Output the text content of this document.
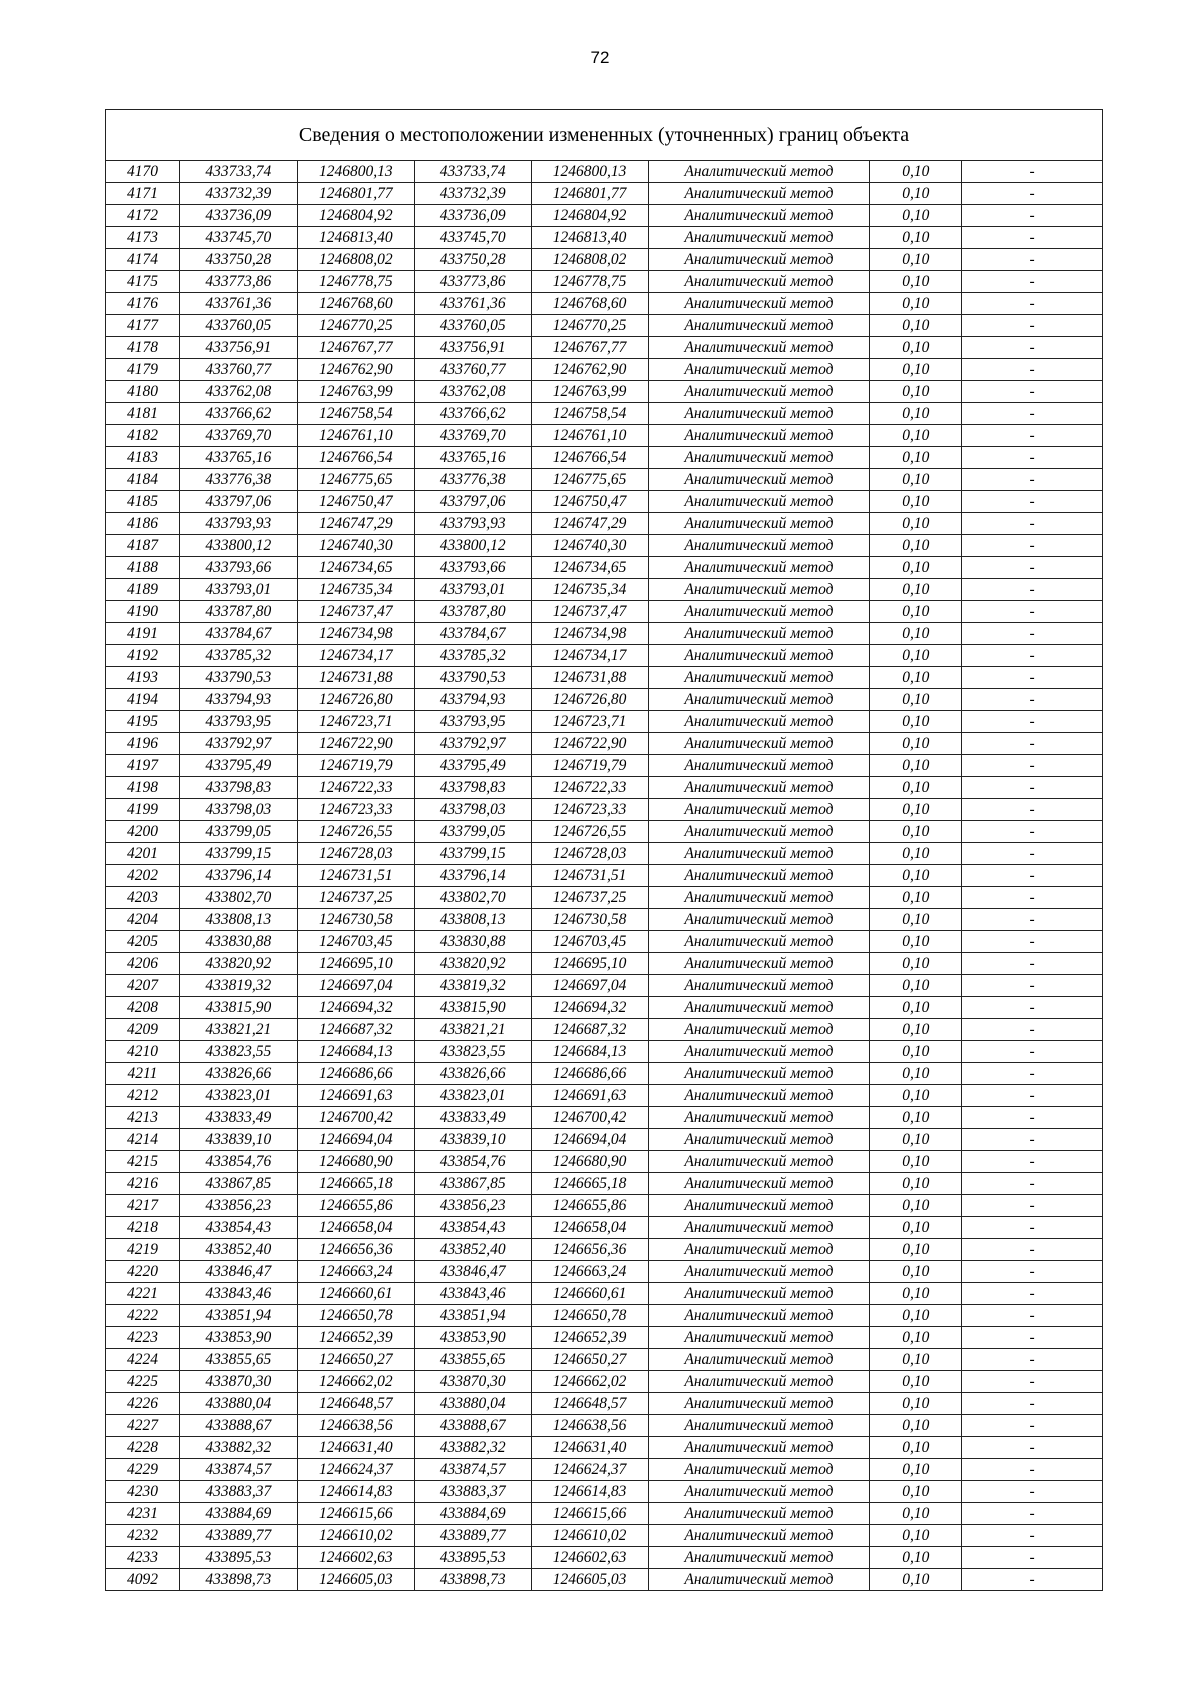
72
Сведения о местоположении измененных (уточненных) границ объекта							
4170	433733,74	1246800,13	433733,74	1246800,13	Аналитический метод	0,10	-
4171	433732,39	1246801,77	433732,39	1246801,77	Аналитический метод	0,10	-
4172	433736,09	1246804,92	433736,09	1246804,92	Аналитический метод	0,10	-
4173	433745,70	1246813,40	433745,70	1246813,40	Аналитический метод	0,10	-
4174	433750,28	1246808,02	433750,28	1246808,02	Аналитический метод	0,10	-
4175	433773,86	1246778,75	433773,86	1246778,75	Аналитический метод	0,10	-
4176	433761,36	1246768,60	433761,36	1246768,60	Аналитический метод	0,10	-
4177	433760,05	1246770,25	433760,05	1246770,25	Аналитический метод	0,10	-
4178	433756,91	1246767,77	433756,91	1246767,77	Аналитический метод	0,10	-
4179	433760,77	1246762,90	433760,77	1246762,90	Аналитический метод	0,10	-
4180	433762,08	1246763,99	433762,08	1246763,99	Аналитический метод	0,10	-
4181	433766,62	1246758,54	433766,62	1246758,54	Аналитический метод	0,10	-
4182	433769,70	1246761,10	433769,70	1246761,10	Аналитический метод	0,10	-
4183	433765,16	1246766,54	433765,16	1246766,54	Аналитический метод	0,10	-
4184	433776,38	1246775,65	433776,38	1246775,65	Аналитический метод	0,10	-
4185	433797,06	1246750,47	433797,06	1246750,47	Аналитический метод	0,10	-
4186	433793,93	1246747,29	433793,93	1246747,29	Аналитический метод	0,10	-
4187	433800,12	1246740,30	433800,12	1246740,30	Аналитический метод	0,10	-
4188	433793,66	1246734,65	433793,66	1246734,65	Аналитический метод	0,10	-
4189	433793,01	1246735,34	433793,01	1246735,34	Аналитический метод	0,10	-
4190	433787,80	1246737,47	433787,80	1246737,47	Аналитический метод	0,10	-
4191	433784,67	1246734,98	433784,67	1246734,98	Аналитический метод	0,10	-
4192	433785,32	1246734,17	433785,32	1246734,17	Аналитический метод	0,10	-
4193	433790,53	1246731,88	433790,53	1246731,88	Аналитический метод	0,10	-
4194	433794,93	1246726,80	433794,93	1246726,80	Аналитический метод	0,10	-
4195	433793,95	1246723,71	433793,95	1246723,71	Аналитический метод	0,10	-
4196	433792,97	1246722,90	433792,97	1246722,90	Аналитический метод	0,10	-
4197	433795,49	1246719,79	433795,49	1246719,79	Аналитический метод	0,10	-
4198	433798,83	1246722,33	433798,83	1246722,33	Аналитический метод	0,10	-
4199	433798,03	1246723,33	433798,03	1246723,33	Аналитический метод	0,10	-
4200	433799,05	1246726,55	433799,05	1246726,55	Аналитический метод	0,10	-
4201	433799,15	1246728,03	433799,15	1246728,03	Аналитический метод	0,10	-
4202	433796,14	1246731,51	433796,14	1246731,51	Аналитический метод	0,10	-
4203	433802,70	1246737,25	433802,70	1246737,25	Аналитический метод	0,10	-
4204	433808,13	1246730,58	433808,13	1246730,58	Аналитический метод	0,10	-
4205	433830,88	1246703,45	433830,88	1246703,45	Аналитический метод	0,10	-
4206	433820,92	1246695,10	433820,92	1246695,10	Аналитический метод	0,10	-
4207	433819,32	1246697,04	433819,32	1246697,04	Аналитический метод	0,10	-
4208	433815,90	1246694,32	433815,90	1246694,32	Аналитический метод	0,10	-
4209	433821,21	1246687,32	433821,21	1246687,32	Аналитический метод	0,10	-
4210	433823,55	1246684,13	433823,55	1246684,13	Аналитический метод	0,10	-
4211	433826,66	1246686,66	433826,66	1246686,66	Аналитический метод	0,10	-
4212	433823,01	1246691,63	433823,01	1246691,63	Аналитический метод	0,10	-
4213	433833,49	1246700,42	433833,49	1246700,42	Аналитический метод	0,10	-
4214	433839,10	1246694,04	433839,10	1246694,04	Аналитический метод	0,10	-
4215	433854,76	1246680,90	433854,76	1246680,90	Аналитический метод	0,10	-
4216	433867,85	1246665,18	433867,85	1246665,18	Аналитический метод	0,10	-
4217	433856,23	1246655,86	433856,23	1246655,86	Аналитический метод	0,10	-
4218	433854,43	1246658,04	433854,43	1246658,04	Аналитический метод	0,10	-
4219	433852,40	1246656,36	433852,40	1246656,36	Аналитический метод	0,10	-
4220	433846,47	1246663,24	433846,47	1246663,24	Аналитический метод	0,10	-
4221	433843,46	1246660,61	433843,46	1246660,61	Аналитический метод	0,10	-
4222	433851,94	1246650,78	433851,94	1246650,78	Аналитический метод	0,10	-
4223	433853,90	1246652,39	433853,90	1246652,39	Аналитический метод	0,10	-
4224	433855,65	1246650,27	433855,65	1246650,27	Аналитический метод	0,10	-
4225	433870,30	1246662,02	433870,30	1246662,02	Аналитический метод	0,10	-
4226	433880,04	1246648,57	433880,04	1246648,57	Аналитический метод	0,10	-
4227	433888,67	1246638,56	433888,67	1246638,56	Аналитический метод	0,10	-
4228	433882,32	1246631,40	433882,32	1246631,40	Аналитический метод	0,10	-
4229	433874,57	1246624,37	433874,57	1246624,37	Аналитический метод	0,10	-
4230	433883,37	1246614,83	433883,37	1246614,83	Аналитический метод	0,10	-
4231	433884,69	1246615,66	433884,69	1246615,66	Аналитический метод	0,10	-
4232	433889,77	1246610,02	433889,77	1246610,02	Аналитический метод	0,10	-
4233	433895,53	1246602,63	433895,53	1246602,63	Аналитический метод	0,10	-
4092	433898,73	1246605,03	433898,73	1246605,03	Аналитический метод	0,10	-
